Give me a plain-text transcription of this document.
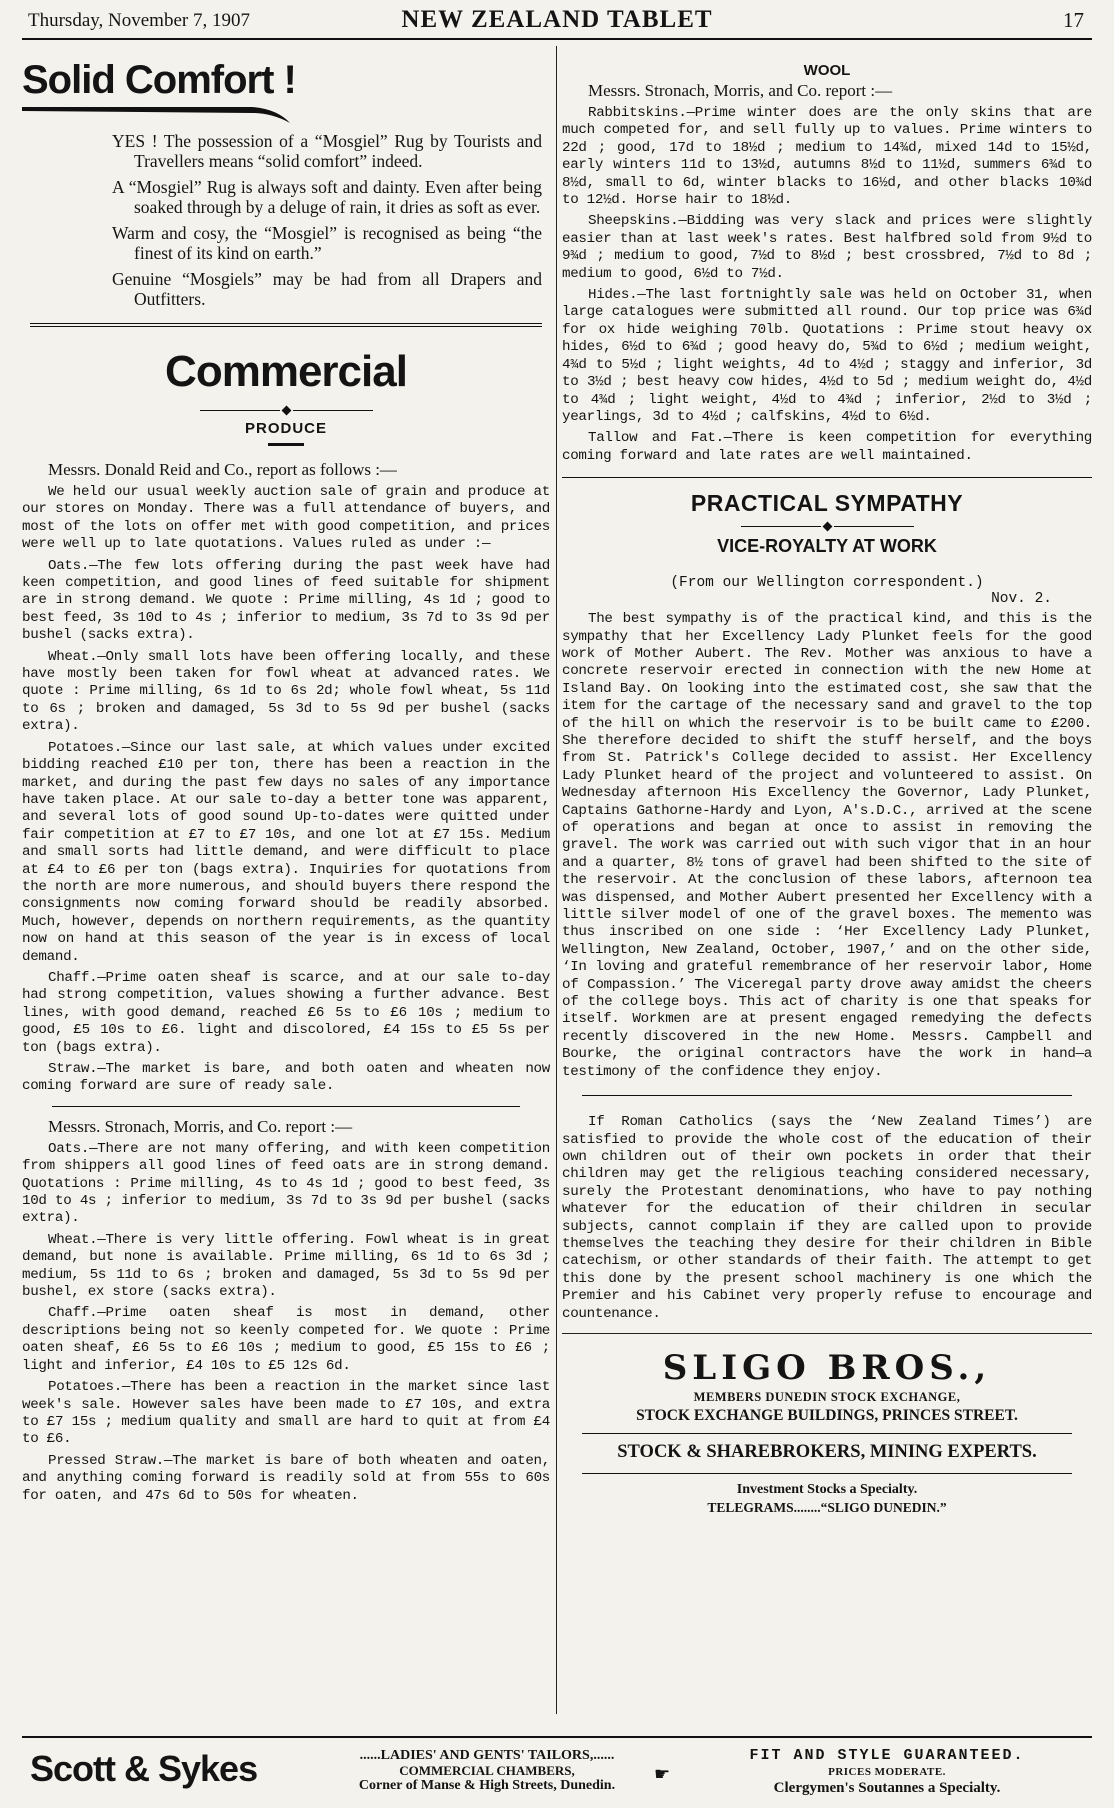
Thursday, November 7, 1907	NEW ZEALAND TABLET	17
Solid Comfort !

YES ! The possession of a “Mosgiel” Rug by Tourists and Travellers means “solid comfort” indeed.

A “Mosgiel” Rug is always soft and dainty. Even after being soaked through by a deluge of rain, it dries as soft as ever.

Warm and cosy, the “Mosgiel” is recognised as being “the finest of its kind on earth.”

Genuine “Mosgiels” may be had from all Drapers and Outfitters.

Commercial
PRODUCE

Messrs. Donald Reid and Co., report as follows :—

We held our usual weekly auction sale of grain and produce at our stores on Monday. There was a full attendance of buyers, and most of the lots on offer met with good competition, and prices were well up to late quotations. Values ruled as under :—

Oats.—The few lots offering during the past week have had keen competition, and good lines of feed suitable for shipment are in strong demand. We quote : Prime milling, 4s 1d ; good to best feed, 3s 10d to 4s ; inferior to medium, 3s 7d to 3s 9d per bushel (sacks extra).

Wheat.—Only small lots have been offering locally, and these have mostly been taken for fowl wheat at advanced rates. We quote : Prime milling, 6s 1d to 6s 2d; whole fowl wheat, 5s 11d to 6s ; broken and damaged, 5s 3d to 5s 9d per bushel (sacks extra).

Potatoes.—Since our last sale, at which values under excited bidding reached £10 per ton, there has been a reaction in the market, and during the past few days no sales of any importance have taken place. At our sale to-day a better tone was apparent, and several lots of good sound Up-to-dates were quitted under fair competition at £7 to £7 10s, and one lot at £7 15s. Medium and small sorts had little demand, and were difficult to place at £4 to £6 per ton (bags extra). Inquiries for quotations from the north are more numerous, and should buyers there respond the consignments now coming forward should be readily absorbed. Much, however, depends on northern requirements, as the quantity now on hand at this season of the year is in excess of local demand.

Chaff.—Prime oaten sheaf is scarce, and at our sale to-day had strong competition, values showing a further advance. Best lines, with good demand, reached £6 5s to £6 10s ; medium to good, £5 10s to £6. light and discolored, £4 15s to £5 5s per ton (bags extra).

Straw.—The market is bare, and both oaten and wheaten now coming forward are sure of ready sale.

Messrs. Stronach, Morris, and Co. report :—

Oats.—There are not many offering, and with keen competition from shippers all good lines of feed oats are in strong demand. Quotations : Prime milling, 4s to 4s 1d ; good to best feed, 3s 10d to 4s ; inferior to medium, 3s 7d to 3s 9d per bushel (sacks extra).

Wheat.—There is very little offering. Fowl wheat is in great demand, but none is available. Prime milling, 6s 1d to 6s 3d ; medium, 5s 11d to 6s ; broken and damaged, 5s 3d to 5s 9d per bushel, ex store (sacks extra).

Chaff.—Prime oaten sheaf is most in demand, other descriptions being not so keenly competed for. We quote : Prime oaten sheaf, £6 5s to £6 10s ; medium to good, £5 15s to £6 ; light and inferior, £4 10s to £5 12s 6d.

Potatoes.—There has been a reaction in the market since last week's sale. However sales have been made to £7 10s, and extra to £7 15s ; medium quality and small are hard to quit at from £4 to £6.

Pressed Straw.—The market is bare of both wheaten and oaten, and anything coming forward is readily sold at from 55s to 60s for oaten, and 47s 6d to 50s for wheaten.

WOOL

Messrs. Stronach, Morris, and Co. report :—

Rabbitskins.—Prime winter does are the only skins that are much competed for, and sell fully up to values. Prime winters to 22d ; good, 17d to 18½d ; medium to 14¾d, mixed 14d to 15½d, early winters 11d to 13½d, autumns 8½d to 11½d, summers 6¾d to 8½d, small to 6d, winter blacks to 16½d, and other blacks 10¾d to 12½d. Horse hair to 18½d.

Sheepskins.—Bidding was very slack and prices were slightly easier than at last week's rates. Best halfbred sold from 9½d to 9¾d ; medium to good, 7½d to 8½d ; best crossbred, 7½d to 8d ; medium to good, 6½d to 7½d.

Hides.—The last fortnightly sale was held on October 31, when large catalogues were submitted all round. Our top price was 6¾d for ox hide weighing 70lb. Quotations : Prime stout heavy ox hides, 6½d to 6¾d ; good heavy do, 5¾d to 6½d ; medium weight, 4¾d to 5½d ; light weights, 4d to 4½d ; staggy and inferior, 3d to 3½d ; best heavy cow hides, 4½d to 5d ; medium weight do, 4½d to 4¾d ; light weight, 4½d to 4¾d ; inferior, 2½d to 3½d ; yearlings, 3d to 4½d ; calfskins, 4½d to 6½d.

Tallow and Fat.—There is keen competition for everything coming forward and late rates are well maintained.

PRACTICAL SYMPATHY
VICE-ROYALTY AT WORK
(From our Wellington correspondent.)
Nov. 2.

The best sympathy is of the practical kind, and this is the sympathy that her Excellency Lady Plunket feels for the good work of Mother Aubert. The Rev. Mother was anxious to have a concrete reservoir erected in connection with the new Home at Island Bay. On looking into the estimated cost, she saw that the item for the cartage of the necessary sand and gravel to the top of the hill on which the reservoir is to be built came to £200. She therefore decided to shift the stuff herself, and the boys from St. Patrick's College decided to assist. Her Excellency Lady Plunket heard of the project and volunteered to assist. On Wednesday afternoon His Excellency the Governor, Lady Plunket, Captains Gathorne-Hardy and Lyon, A's.D.C., arrived at the scene of operations and began at once to assist in removing the gravel. The work was carried out with such vigor that in an hour and a quarter, 8½ tons of gravel had been shifted to the site of the reservoir. At the conclusion of these labors, afternoon tea was dispensed, and Mother Aubert presented her Excellency with a little silver model of one of the gravel boxes. The memento was thus inscribed on one side : ‘Her Excellency Lady Plunket, Wellington, New Zealand, October, 1907,’ and on the other side, ‘In loving and grateful remembrance of her reservoir labor, Home of Compassion.’ The Viceregal party drove away amidst the cheers of the college boys. This act of charity is one that speaks for itself. Workmen are at present engaged remedying the defects recently discovered in the new Home. Messrs. Campbell and Bourke, the original contractors have the work in hand—a testimony of the confidence they enjoy.

If Roman Catholics (says the ‘New Zealand Times’) are satisfied to provide the whole cost of the education of their own children out of their own pockets in order that their children may get the religious teaching considered necessary, surely the Protestant denominations, who have to pay nothing whatever for the education of their children in secular subjects, cannot complain if they are called upon to provide themselves the teaching they desire for their children in Bible catechism, or other standards of their faith. The attempt to get this done by the present school machinery is one which the Premier and his Cabinet very properly refuse to encourage and countenance.

SLIGO BROS.,
MEMBERS DUNEDIN STOCK EXCHANGE,
STOCK EXCHANGE BUILDINGS, PRINCES STREET.
STOCK & SHAREBROKERS, MINING EXPERTS.
Investment Stocks a Specialty.
TELEGRAMS........“SLIGO DUNEDIN.”
Scott & Sykes	......LADIES' AND GENTS' TAILORS,......
COMMERCIAL CHAMBERS,
Corner of Manse & High Streets, Dunedin.
☛
FIT AND STYLE GUARANTEED.
PRICES MODERATE.
Clergymen's Soutannes a Specialty.
